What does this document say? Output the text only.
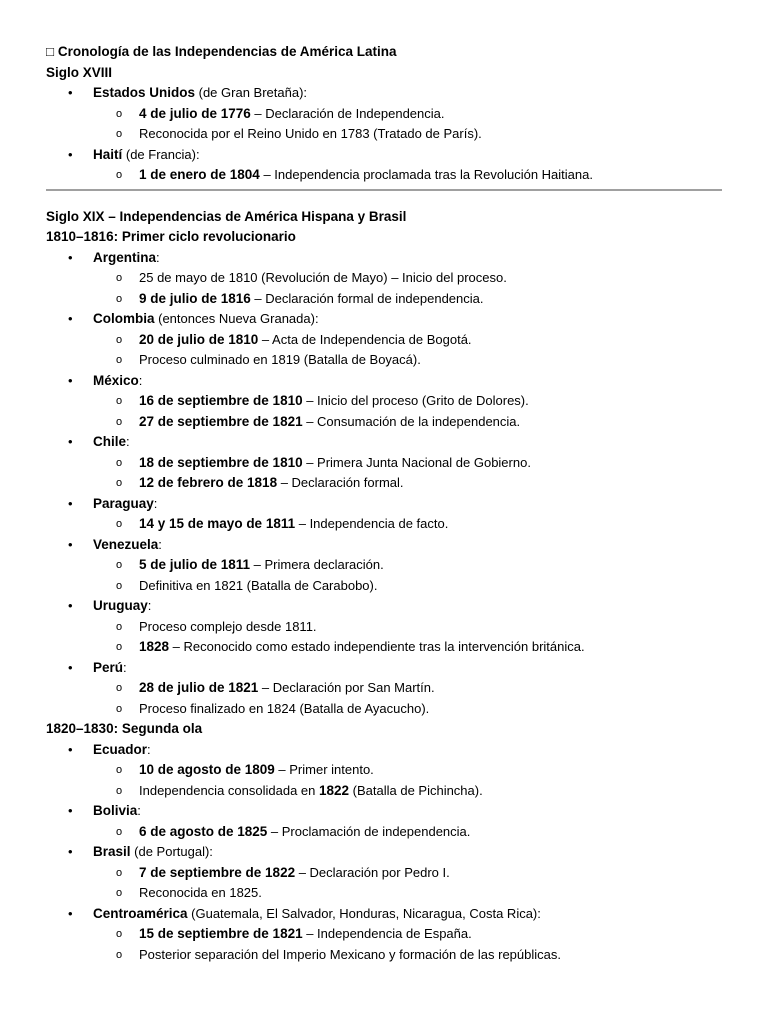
□ Cronología de las Independencias de América Latina
Siglo XVIII
• Estados Unidos (de Gran Bretaña):
o 4 de julio de 1776 – Declaración de Independencia.
o Reconocida por el Reino Unido en 1783 (Tratado de París).
• Haití (de Francia):
o 1 de enero de 1804 – Independencia proclamada tras la Revolución Haitiana.
Siglo XIX – Independencias de América Hispana y Brasil
1810–1816: Primer ciclo revolucionario
• Argentina:
o 25 de mayo de 1810 (Revolución de Mayo) – Inicio del proceso.
o 9 de julio de 1816 – Declaración formal de independencia.
• Colombia (entonces Nueva Granada):
o 20 de julio de 1810 – Acta de Independencia de Bogotá.
o Proceso culminado en 1819 (Batalla de Boyacá).
• México:
o 16 de septiembre de 1810 – Inicio del proceso (Grito de Dolores).
o 27 de septiembre de 1821 – Consumación de la independencia.
• Chile:
o 18 de septiembre de 1810 – Primera Junta Nacional de Gobierno.
o 12 de febrero de 1818 – Declaración formal.
• Paraguay:
o 14 y 15 de mayo de 1811 – Independencia de facto.
• Venezuela:
o 5 de julio de 1811 – Primera declaración.
o Definitiva en 1821 (Batalla de Carabobo).
• Uruguay:
o Proceso complejo desde 1811.
o 1828 – Reconocido como estado independiente tras la intervención británica.
• Perú:
o 28 de julio de 1821 – Declaración por San Martín.
o Proceso finalizado en 1824 (Batalla de Ayacucho).
1820–1830: Segunda ola
• Ecuador:
o 10 de agosto de 1809 – Primer intento.
o Independencia consolidada en 1822 (Batalla de Pichincha).
• Bolivia:
o 6 de agosto de 1825 – Proclamación de independencia.
• Brasil (de Portugal):
o 7 de septiembre de 1822 – Declaración por Pedro I.
o Reconocida en 1825.
• Centroamérica (Guatemala, El Salvador, Honduras, Nicaragua, Costa Rica):
o 15 de septiembre de 1821 – Independencia de España.
o Posterior separación del Imperio Mexicano y formación de las repúblicas.
